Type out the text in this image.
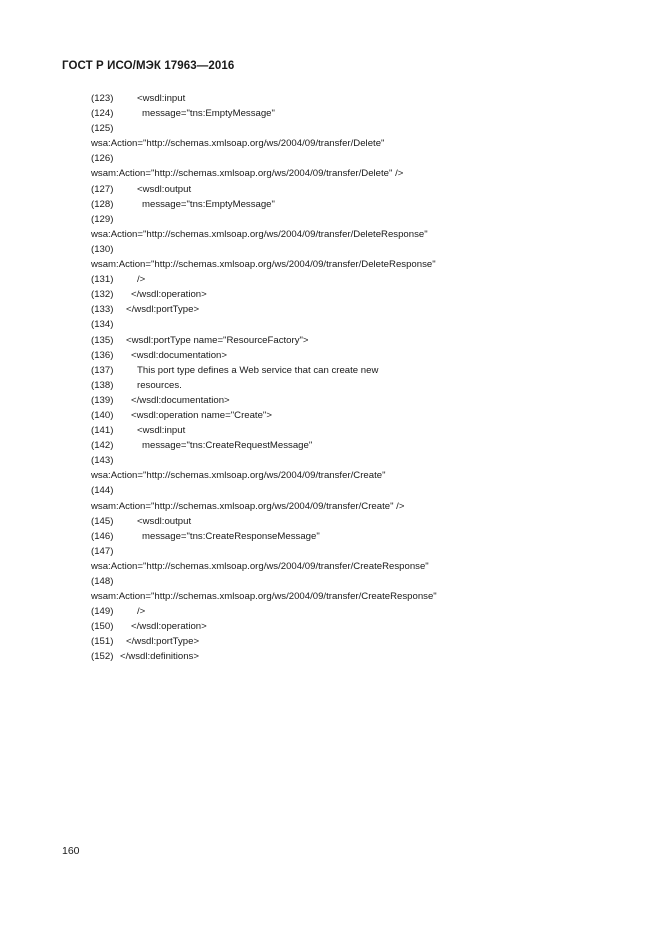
ГОСТ Р ИСО/МЭК 17963—2016
(123) <wsdl:input
(124)	message="tns:EmptyMessage"
(125)
wsa:Action="http://schemas.xmlsoap.org/ws/2004/09/transfer/Delete"
(126)
wsam:Action="http://schemas.xmlsoap.org/ws/2004/09/transfer/Delete" />
(127) <wsdl:output
(128)	message="tns:EmptyMessage"
(129)
wsa:Action="http://schemas.xmlsoap.org/ws/2004/09/transfer/DeleteResponse"
(130)
wsam:Action="http://schemas.xmlsoap.org/ws/2004/09/transfer/DeleteResponse"
(131) />
(132) </wsdl:operation>
(133) </wsdl:portType>
(134)
(135) <wsdl:portType name="ResourceFactory">
(136) <wsdl:documentation>
(137) This port type defines a Web service that can create new
(138) resources.
(139) </wsdl:documentation>
(140) <wsdl:operation name="Create">
(141) <wsdl:input
(142)	message="tns:CreateRequestMessage"
(143)
wsa:Action="http://schemas.xmlsoap.org/ws/2004/09/transfer/Create"
(144)
wsam:Action="http://schemas.xmlsoap.org/ws/2004/09/transfer/Create" />
(145) <wsdl:output
(146)	message="tns:CreateResponseMessage"
(147)
wsa:Action="http://schemas.xmlsoap.org/ws/2004/09/transfer/CreateResponse"
(148)
wsam:Action="http://schemas.xmlsoap.org/ws/2004/09/transfer/CreateResponse"
(149) />
(150) </wsdl:operation>
(151) </wsdl:portType>
(152) </wsdl:definitions>
160
